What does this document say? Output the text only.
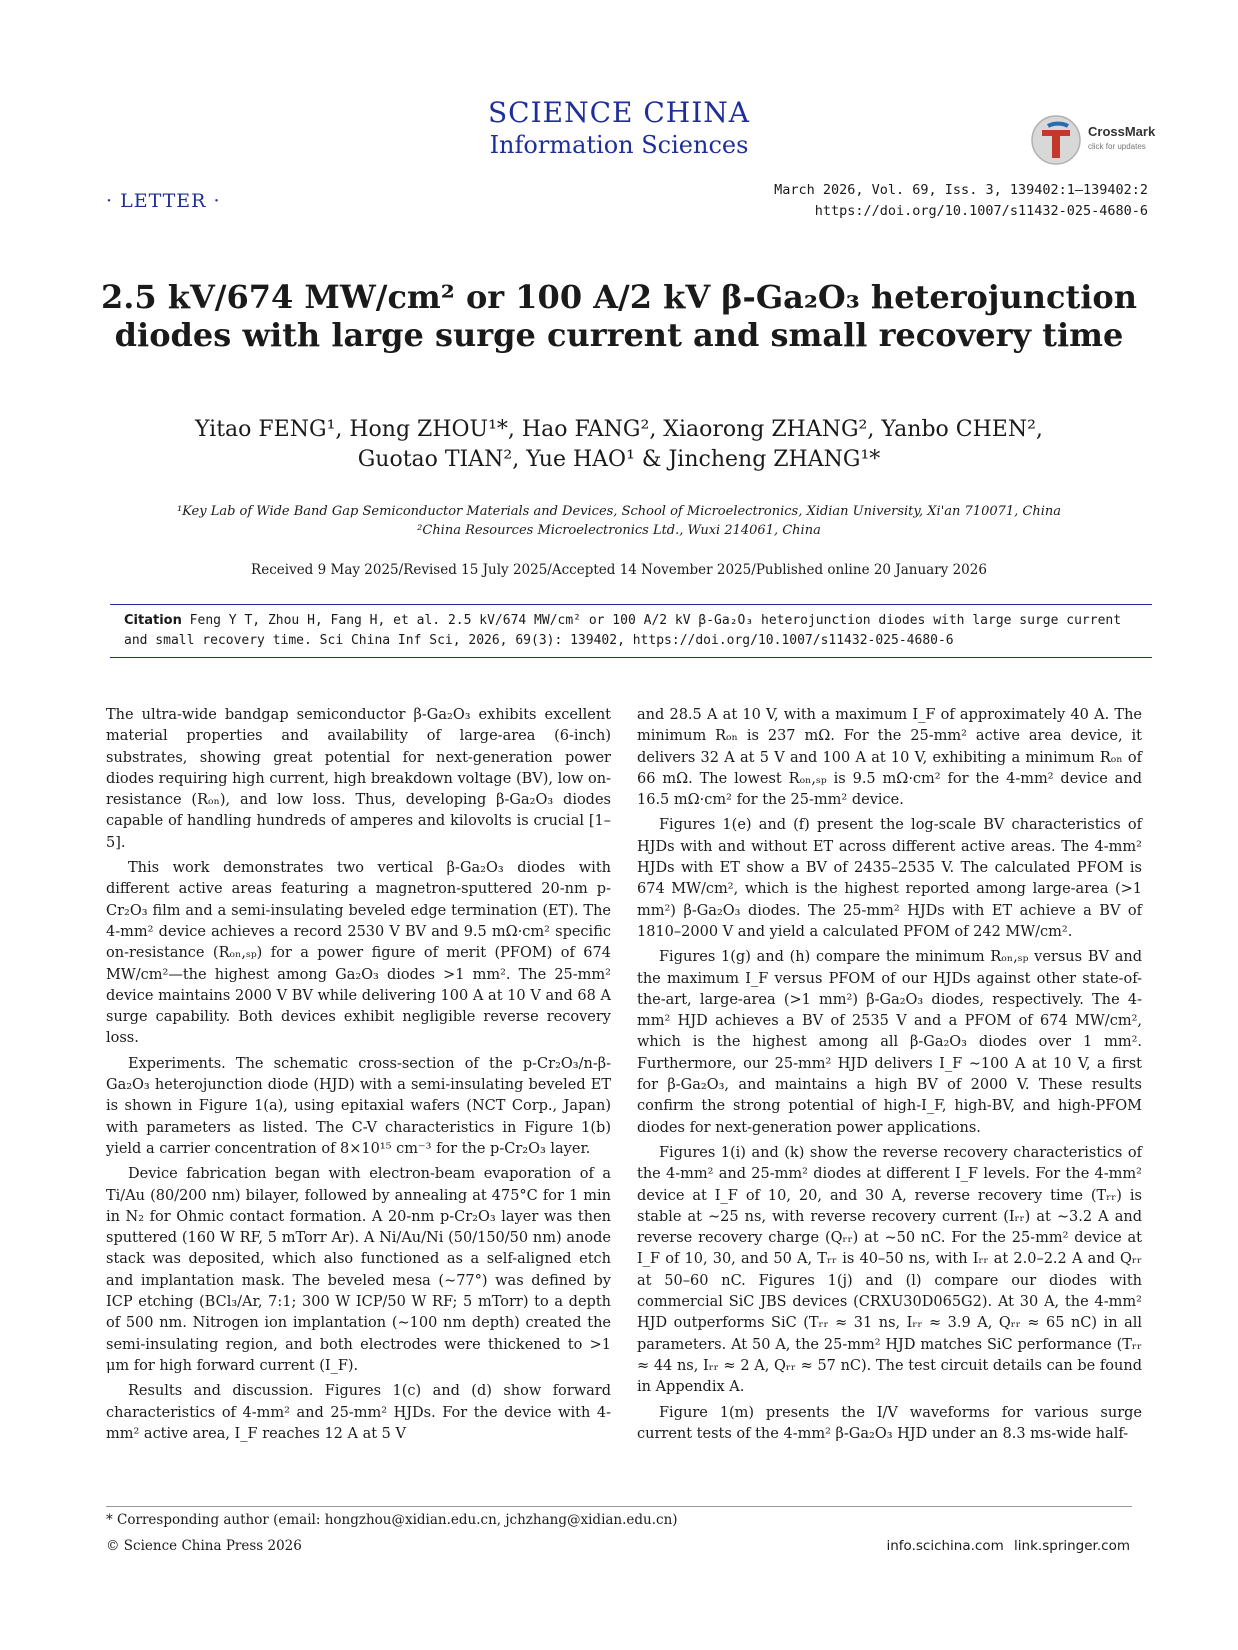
SCIENCE CHINA
Information Sciences	CrossMark
click for updates
· LETTER ·	March 2026, Vol. 69, Iss. 3, 139402:1–139402:2
https://doi.org/10.1007/s11432-025-4680-6
2.5 kV/674 MW/cm² or 100 A/2 kV β-Ga₂O₃ heterojunction diodes with large surge current and small recovery time
Yitao FENG¹, Hong ZHOU¹*, Hao FANG², Xiaorong ZHANG², Yanbo CHEN²,
Guotao TIAN², Yue HAO¹ & Jincheng ZHANG¹*
¹Key Lab of Wide Band Gap Semiconductor Materials and Devices, School of Microelectronics, Xidian University, Xi'an 710071, China
²China Resources Microelectronics Ltd., Wuxi 214061, China
Received 9 May 2025/Revised 15 July 2025/Accepted 14 November 2025/Published online 20 January 2026
Citation Feng Y T, Zhou H, Fang H, et al. 2.5 kV/674 MW/cm² or 100 A/2 kV β-Ga₂O₃ heterojunction diodes with large surge current and small recovery time. Sci China Inf Sci, 2026, 69(3): 139402, https://doi.org/10.1007/s11432-025-4680-6

The ultra-wide bandgap semiconductor β-Ga₂O₃ exhibits excellent material properties and availability of large-area (6-inch) substrates, showing great potential for next-generation power diodes requiring high current, high breakdown voltage (BV), low on-resistance (Rₒₙ), and low loss. Thus, developing β-Ga₂O₃ diodes capable of handling hundreds of amperes and kilovolts is crucial [1–5].

This work demonstrates two vertical β-Ga₂O₃ diodes with different active areas featuring a magnetron-sputtered 20-nm p-Cr₂O₃ film and a semi-insulating beveled edge termination (ET). The 4-mm² device achieves a record 2530 V BV and 9.5 mΩ·cm² specific on-resistance (Rₒₙ,ₛₚ) for a power figure of merit (PFOM) of 674 MW/cm²—the highest among Ga₂O₃ diodes >1 mm². The 25-mm² device maintains 2000 V BV while delivering 100 A at 10 V and 68 A surge capability. Both devices exhibit negligible reverse recovery loss.

Experiments. The schematic cross-section of the p-Cr₂O₃/n-β-Ga₂O₃ heterojunction diode (HJD) with a semi-insulating beveled ET is shown in Figure 1(a), using epitaxial wafers (NCT Corp., Japan) with parameters as listed. The C-V characteristics in Figure 1(b) yield a carrier concentration of 8×10¹⁵ cm⁻³ for the p-Cr₂O₃ layer.

Device fabrication began with electron-beam evaporation of a Ti/Au (80/200 nm) bilayer, followed by annealing at 475°C for 1 min in N₂ for Ohmic contact formation. A 20-nm p-Cr₂O₃ layer was then sputtered (160 W RF, 5 mTorr Ar). A Ni/Au/Ni (50/150/50 nm) anode stack was deposited, which also functioned as a self-aligned etch and implantation mask. The beveled mesa (∼77°) was defined by ICP etching (BCl₃/Ar, 7:1; 300 W ICP/50 W RF; 5 mTorr) to a depth of 500 nm. Nitrogen ion implantation (∼100 nm depth) created the semi-insulating region, and both electrodes were thickened to >1 μm for high forward current (I_F).

Results and discussion. Figures 1(c) and (d) show forward characteristics of 4-mm² and 25-mm² HJDs. For the device with 4-mm² active area, I_F reaches 12 A at 5 V

and 28.5 A at 10 V, with a maximum I_F of approximately 40 A. The minimum Rₒₙ is 237 mΩ. For the 25-mm² active area device, it delivers 32 A at 5 V and 100 A at 10 V, exhibiting a minimum Rₒₙ of 66 mΩ. The lowest Rₒₙ,ₛₚ is 9.5 mΩ·cm² for the 4-mm² device and 16.5 mΩ·cm² for the 25-mm² device.

Figures 1(e) and (f) present the log-scale BV characteristics of HJDs with and without ET across different active areas. The 4-mm² HJDs with ET show a BV of 2435–2535 V. The calculated PFOM is 674 MW/cm², which is the highest reported among large-area (>1 mm²) β-Ga₂O₃ diodes. The 25-mm² HJDs with ET achieve a BV of 1810–2000 V and yield a calculated PFOM of 242 MW/cm².

Figures 1(g) and (h) compare the minimum Rₒₙ,ₛₚ versus BV and the maximum I_F versus PFOM of our HJDs against other state-of-the-art, large-area (>1 mm²) β-Ga₂O₃ diodes, respectively. The 4-mm² HJD achieves a BV of 2535 V and a PFOM of 674 MW/cm², which is the highest among all β-Ga₂O₃ diodes over 1 mm². Furthermore, our 25-mm² HJD delivers I_F ∼100 A at 10 V, a first for β-Ga₂O₃, and maintains a high BV of 2000 V. These results confirm the strong potential of high-I_F, high-BV, and high-PFOM diodes for next-generation power applications.

Figures 1(i) and (k) show the reverse recovery characteristics of the 4-mm² and 25-mm² diodes at different I_F levels. For the 4-mm² device at I_F of 10, 20, and 30 A, reverse recovery time (Tᵣᵣ) is stable at ∼25 ns, with reverse recovery current (Iᵣᵣ) at ∼3.2 A and reverse recovery charge (Qᵣᵣ) at ∼50 nC. For the 25-mm² device at I_F of 10, 30, and 50 A, Tᵣᵣ is 40–50 ns, with Iᵣᵣ at 2.0–2.2 A and Qᵣᵣ at 50–60 nC. Figures 1(j) and (l) compare our diodes with commercial SiC JBS devices (CRXU30D065G2). At 30 A, the 4-mm² HJD outperforms SiC (Tᵣᵣ ≈ 31 ns, Iᵣᵣ ≈ 3.9 A, Qᵣᵣ ≈ 65 nC) in all parameters. At 50 A, the 25-mm² HJD matches SiC performance (Tᵣᵣ ≈ 44 ns, Iᵣᵣ ≈ 2 A, Qᵣᵣ ≈ 57 nC). The test circuit details can be found in Appendix A.

Figure 1(m) presents the I/V waveforms for various surge current tests of the 4-mm² β-Ga₂O₃ HJD under an 8.3 ms-wide half-

* Corresponding author (email: hongzhou@xidian.edu.cn, jchzhang@xidian.edu.cn)
© Science China Press 2026	info.scichina.com link.springer.com
